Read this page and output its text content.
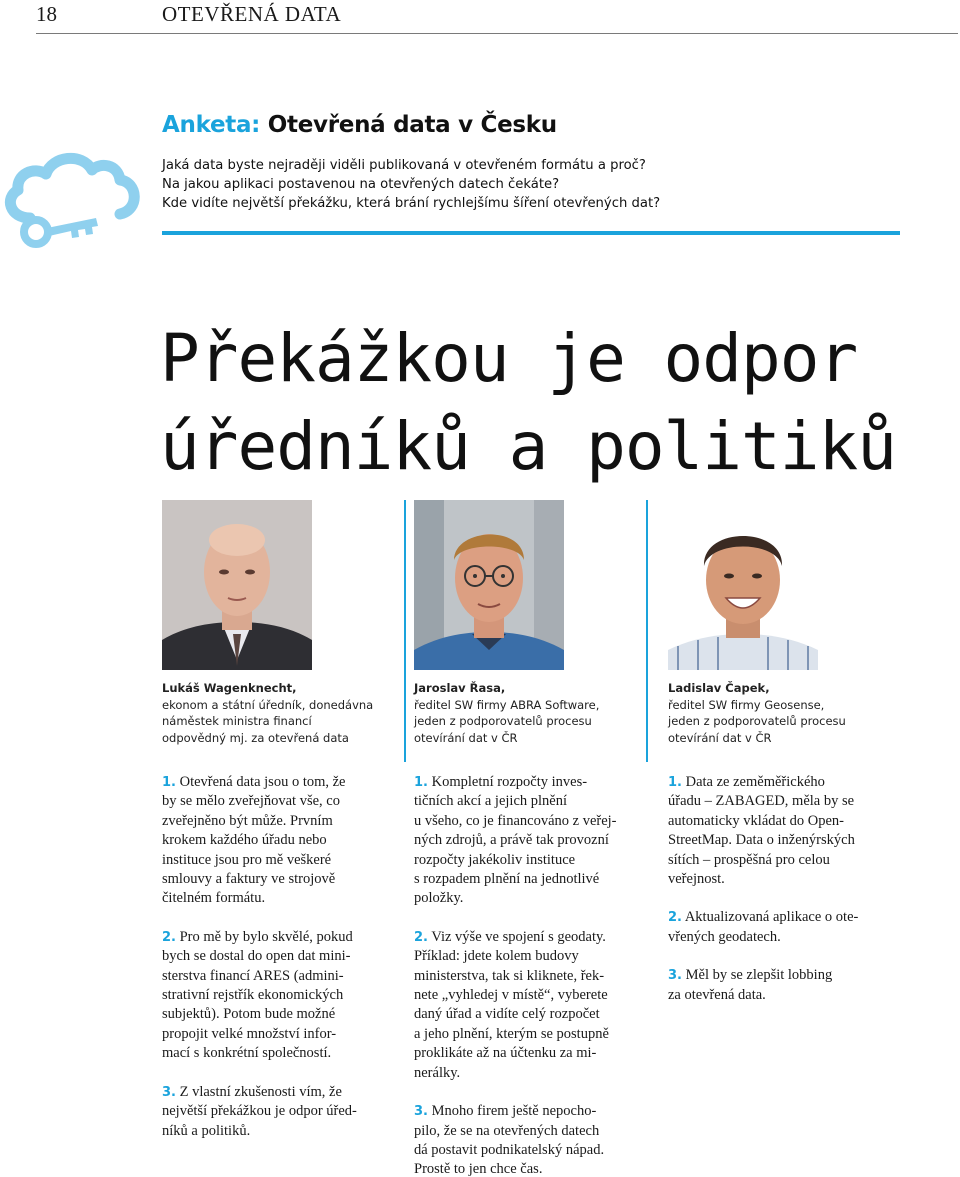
18	OTEVŘENÁ DATA
Anketa: Otevřená data v Česku
Jaká data byste nejraději viděli publikovaná v otevřeném formátu a proč?
Na jakou aplikaci postavenou na otevřených datech čekáte?
Kde vidíte největší překážku, která brání rychlejšímu šíření otevřených dat?
Překážkou je odpor
úředníků a politiků
Lukáš Wagenknecht,
ekonom a státní úředník, donedávna
náměstek ministra financí
odpovědný mj. za otevřená data
Jaroslav Řasa,
ředitel SW firmy ABRA Software,
jeden z podporovatelů procesu
otevírání dat v ČR
Ladislav Čapek,
ředitel SW firmy Geosense,
jeden z podporovatelů procesu
otevírání dat v ČR
1. Otevřená data jsou o tom, že
by se mělo zveřejňovat vše, co
zveřejněno být může. Prvním
krokem každého úřadu nebo
instituce jsou pro mě veškeré
smlouvy a faktury ve strojově
čitelném formátu.
2. Pro mě by bylo skvělé, pokud
bych se dostal do open dat mini-
sterstva financí ARES (admini-
strativní rejstřík ekonomických
subjektů). Potom bude možné
propojit velké množství infor-
mací s konkrétní společností.
3. Z vlastní zkušenosti vím, že
největší překážkou je odpor úřed-
níků a politiků.
1. Kompletní rozpočty inves-
tičních akcí a jejich plnění
u všeho, co je financováno z veřej-
ných zdrojů, a právě tak provozní
rozpočty jakékoliv instituce
s rozpadem plnění na jednotlivé
položky.
2. Viz výše ve spojení s geodaty.
Příklad: jdete kolem budovy
ministerstva, tak si kliknete, řek-
nete „vyhledej v místě“, vyberete
daný úřad a vidíte celý rozpočet
a jeho plnění, kterým se postupně
proklikáte až na účtenku za mi-
nerálky.
3. Mnoho firem ještě nepocho-
pilo, že se na otevřených datech
dá postavit podnikatelský nápad.
Prostě to jen chce čas.
1. Data ze zeměměřického
úřadu – ZABAGED, měla by se
automaticky vkládat do Open-
StreetMap. Data o inženýrských
sítích – prospěšná pro celou
veřejnost.
2. Aktualizovaná aplikace o ote-
vřených geodatech.
3. Měl by se zlepšit lobbing
za otevřená data.
